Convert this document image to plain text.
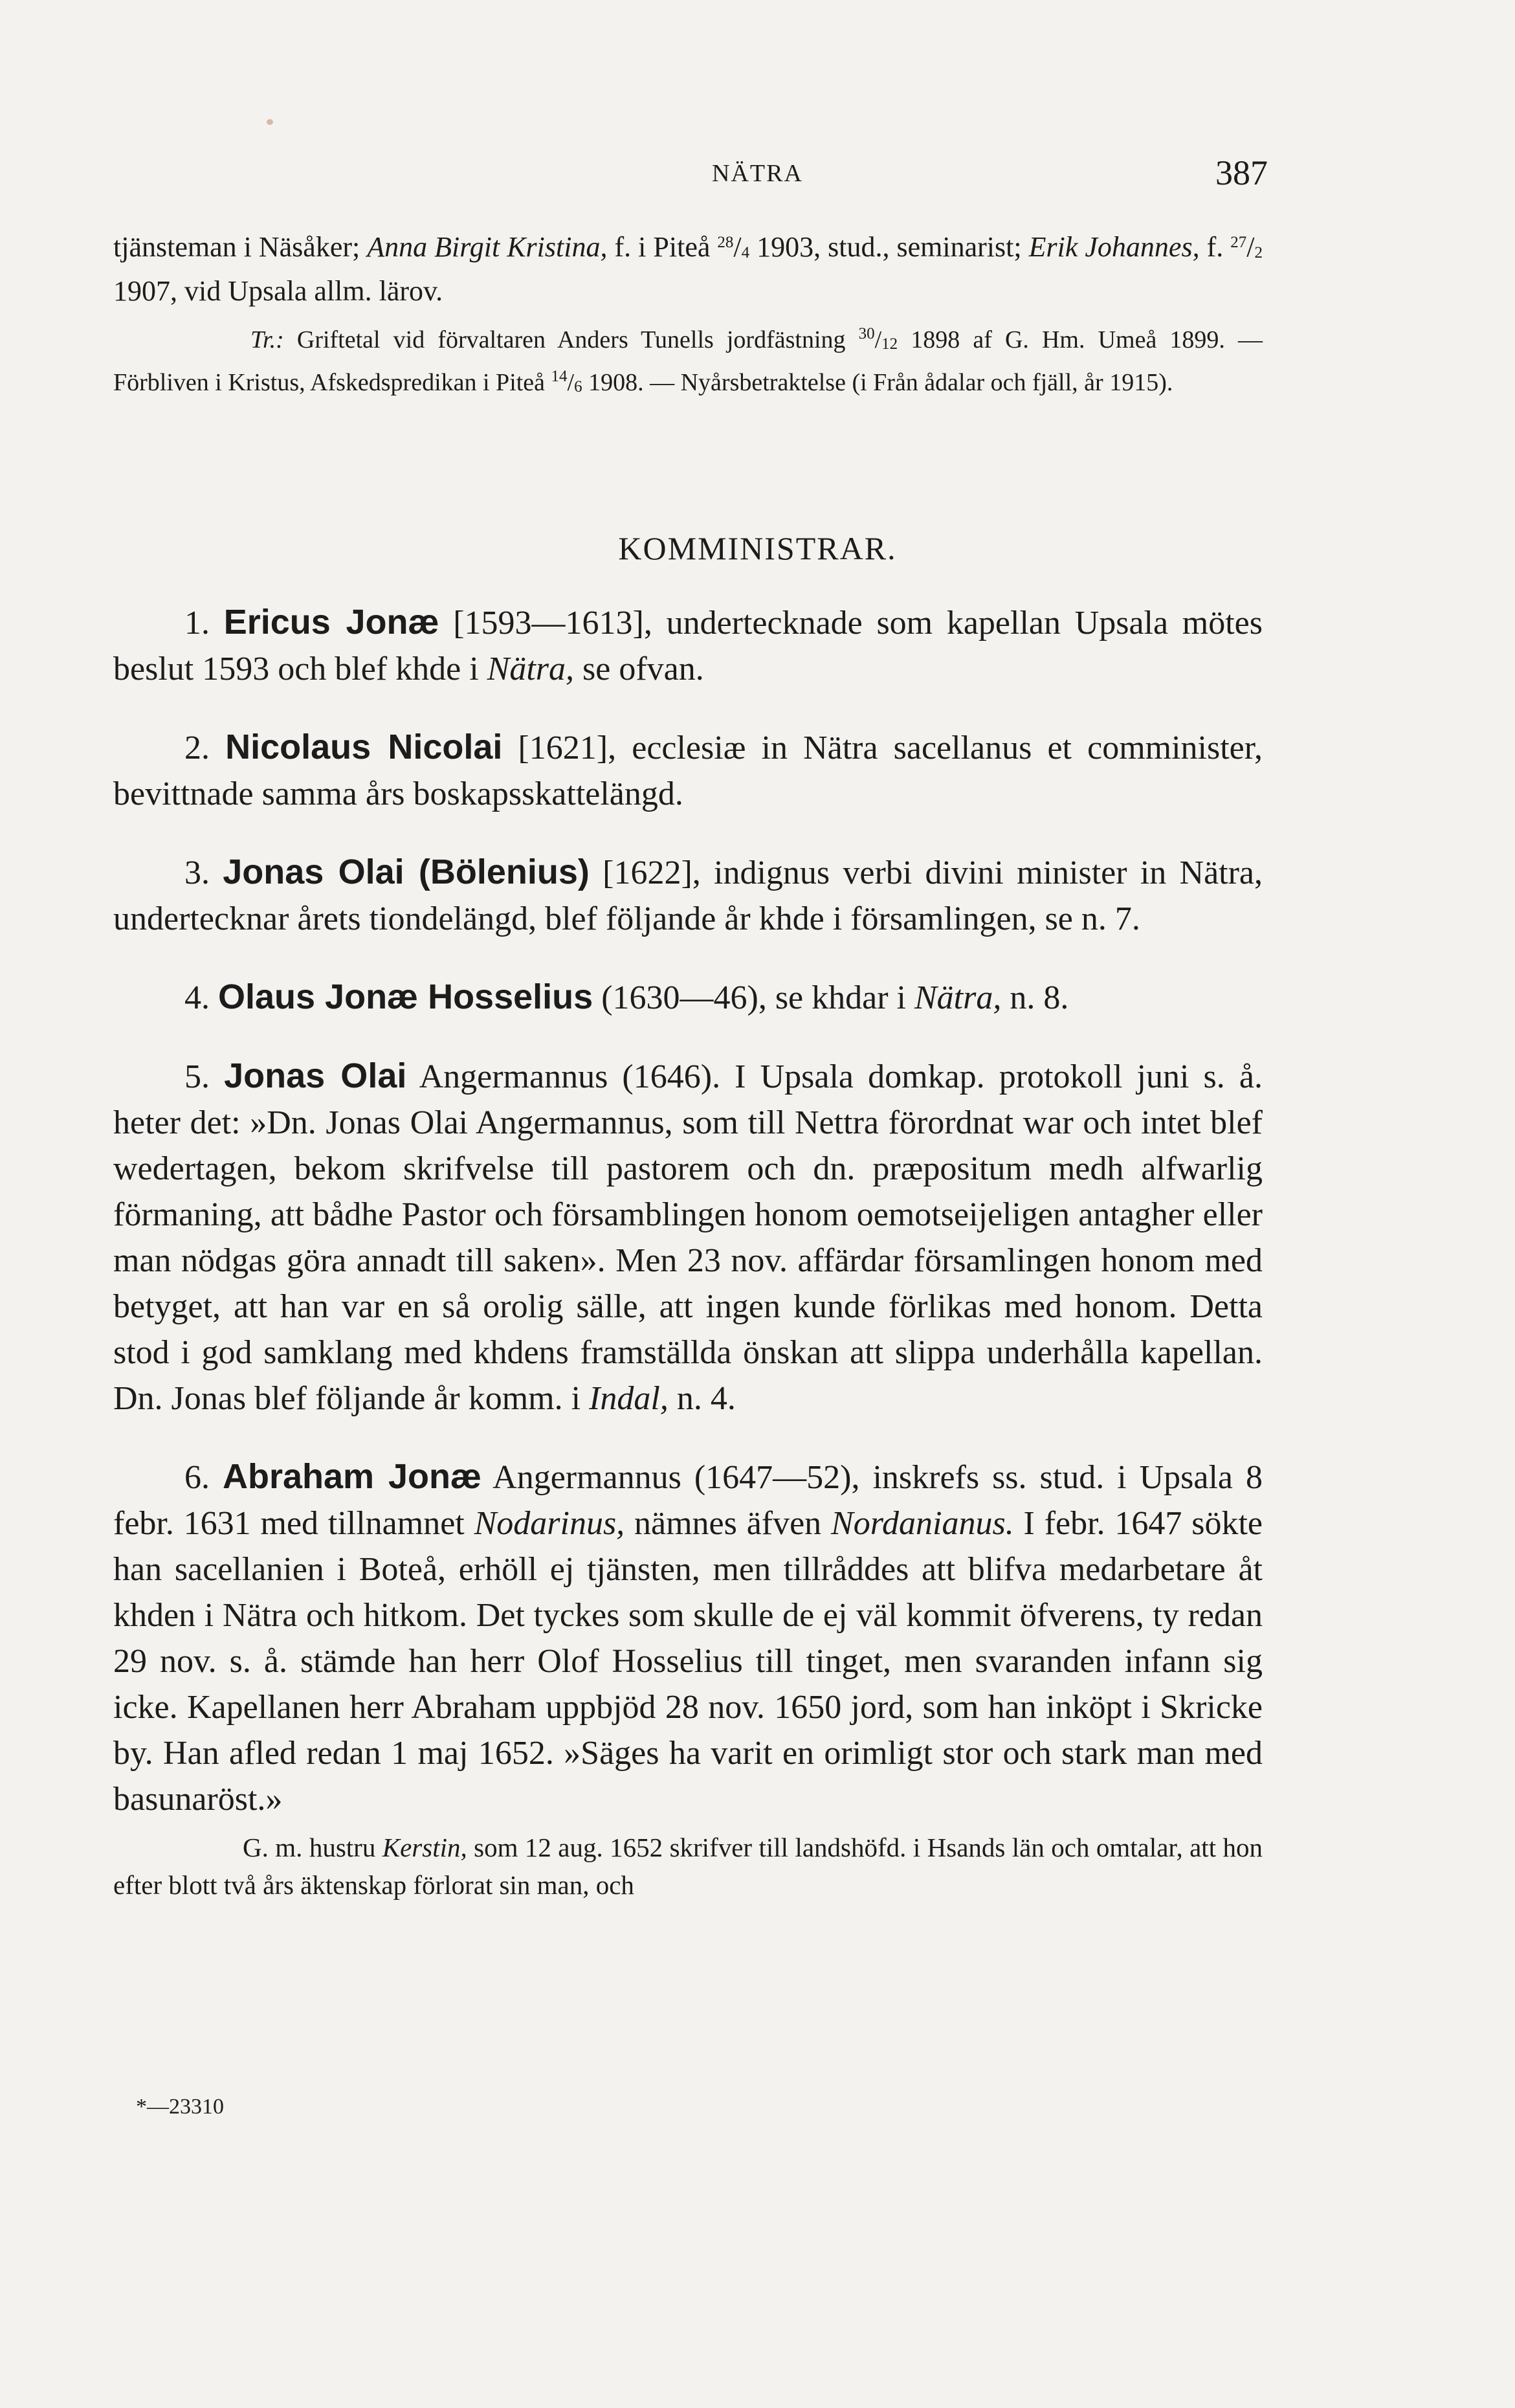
NÄTRA	387

tjänsteman i Näsåker; Anna Birgit Kristina, f. i Piteå $^{28}/_4$ 1903, stud., seminarist; Erik Johannes, f. $^{27}/_2$ 1907, vid Upsala allm. lärov.

Tr.: Griftetal vid förvaltaren Anders Tunells jordfästning $^{30}/_{12}$ 1898 af G. Hm. Umeå 1899. — Förbliven i Kristus, Afskedspredikan i Piteå $^{14}/_6$ 1908. — Nyårsbetraktelse (i Från ådalar och fjäll, år 1915).
KOMMINISTRAR.

1. Ericus Jonæ [1593—1613], undertecknade som kapellan Upsala mötes beslut 1593 och blef khde i Nätra, se ofvan.

2. Nicolaus Nicolai [1621], ecclesiæ in Nätra sacellanus et comminister, bevittnade samma års boskapsskattelängd.

3. Jonas Olai (Bölenius) [1622], indignus verbi divini minister in Nätra, undertecknar årets tiondelängd, blef följande år khde i församlingen, se n. 7.

4. Olaus Jonæ Hosselius (1630—46), se khdar i Nätra, n. 8.

5. Jonas Olai Angermannus (1646). I Upsala domkap. protokoll juni s. å. heter det: »Dn. Jonas Olai Angermannus, som till Nettra förordnat war och intet blef wedertagen, bekom skrifvelse till pastorem och dn. præpositum medh alfwarlig förmaning, att bådhe Pastor och församblingen honom oemotseijeligen antagher eller man nödgas göra annadt till saken». Men 23 nov. affärdar församlingen honom med betyget, att han var en så orolig sälle, att ingen kunde förlikas med honom. Detta stod i god samklang med khdens framställda önskan att slippa underhålla kapellan. Dn. Jonas blef följande år komm. i Indal, n. 4.

6. Abraham Jonæ Angermannus (1647—52), inskrefs ss. stud. i Upsala 8 febr. 1631 med tillnamnet Nodarinus, nämnes äfven Nordanianus. I febr. 1647 sökte han sacellanien i Boteå, erhöll ej tjänsten, men tillråddes att blifva medarbetare åt khden i Nätra och hitkom. Det tyckes som skulle de ej väl kommit öfverens, ty redan 29 nov. s. å. stämde han herr Olof Hosselius till tinget, men svaranden infann sig icke. Kapellanen herr Abraham uppbjöd 28 nov. 1650 jord, som han inköpt i Skricke by. Han afled redan 1 maj 1652. »Säges ha varit en orimligt stor och stark man med basunaröst.»

G. m. hustru Kerstin, som 12 aug. 1652 skrifver till landshöfd. i Hsands län och omtalar, att hon efter blott två års äktenskap förlorat sin man, och

*—23310
